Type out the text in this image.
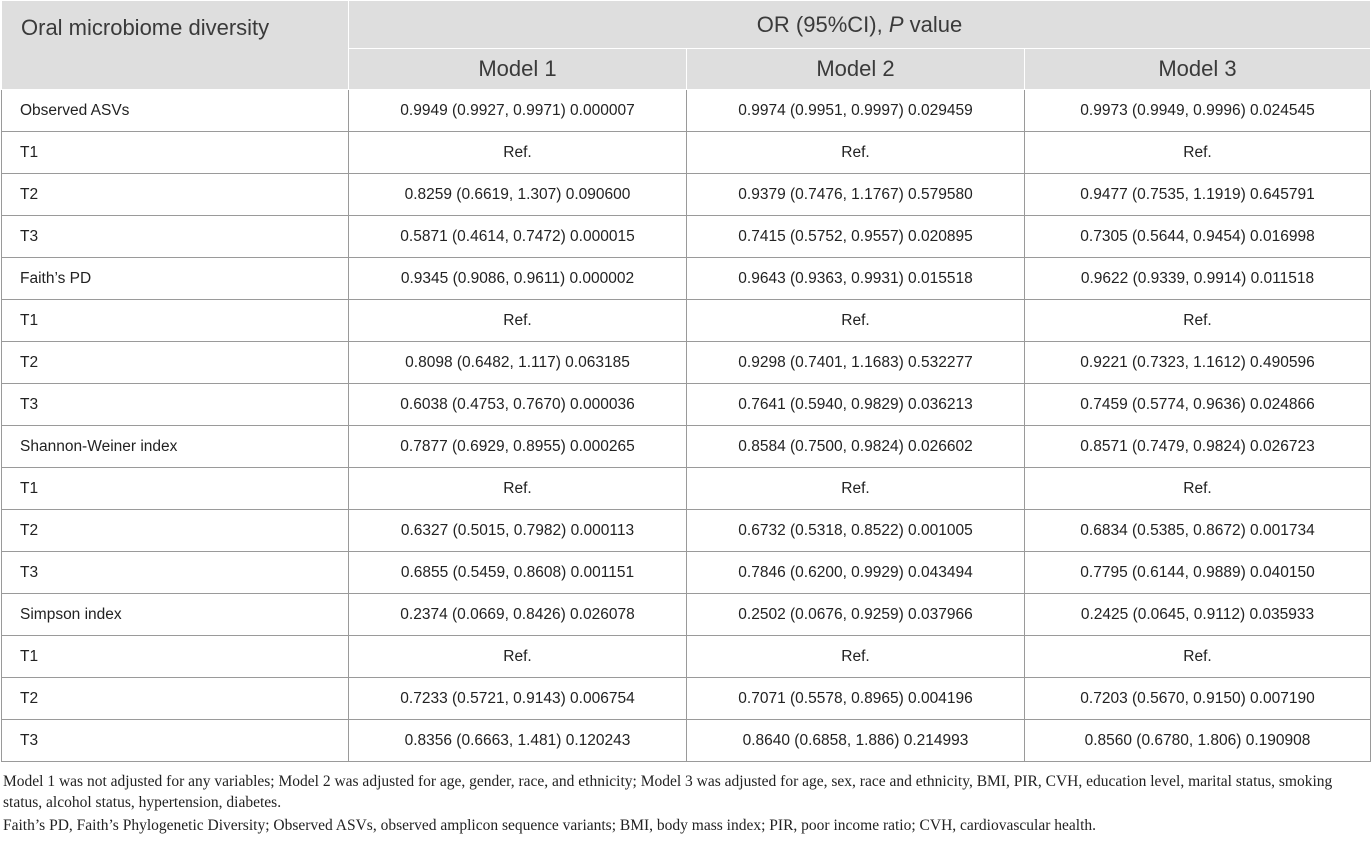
Oral microbiome diversity	OR (95%CI), P value		
	Model 1	Model 2	Model 3
Observed ASVs	0.9949 (0.9927, 0.9971) 0.000007	0.9974 (0.9951, 0.9997) 0.029459	0.9973 (0.9949, 0.9996) 0.024545
T1	Ref.	Ref.	Ref.
T2	0.8259 (0.6619, 1.307) 0.090600	0.9379 (0.7476, 1.1767) 0.579580	0.9477 (0.7535, 1.1919) 0.645791
T3	0.5871 (0.4614, 0.7472) 0.000015	0.7415 (0.5752, 0.9557) 0.020895	0.7305 (0.5644, 0.9454) 0.016998
Faith’s PD	0.9345 (0.9086, 0.9611) 0.000002	0.9643 (0.9363, 0.9931) 0.015518	0.9622 (0.9339, 0.9914) 0.011518
T1	Ref.	Ref.	Ref.
T2	0.8098 (0.6482, 1.117) 0.063185	0.9298 (0.7401, 1.1683) 0.532277	0.9221 (0.7323, 1.1612) 0.490596
T3	0.6038 (0.4753, 0.7670) 0.000036	0.7641 (0.5940, 0.9829) 0.036213	0.7459 (0.5774, 0.9636) 0.024866
Shannon-Weiner index	0.7877 (0.6929, 0.8955) 0.000265	0.8584 (0.7500, 0.9824) 0.026602	0.8571 (0.7479, 0.9824) 0.026723
T1	Ref.	Ref.	Ref.
T2	0.6327 (0.5015, 0.7982) 0.000113	0.6732 (0.5318, 0.8522) 0.001005	0.6834 (0.5385, 0.8672) 0.001734
T3	0.6855 (0.5459, 0.8608) 0.001151	0.7846 (0.6200, 0.9929) 0.043494	0.7795 (0.6144, 0.9889) 0.040150
Simpson index	0.2374 (0.0669, 0.8426) 0.026078	0.2502 (0.0676, 0.9259) 0.037966	0.2425 (0.0645, 0.9112) 0.035933
T1	Ref.	Ref.	Ref.
T2	0.7233 (0.5721, 0.9143) 0.006754	0.7071 (0.5578, 0.8965) 0.004196	0.7203 (0.5670, 0.9150) 0.007190
T3	0.8356 (0.6663, 1.481) 0.120243	0.8640 (0.6858, 1.886) 0.214993	0.8560 (0.6780, 1.806) 0.190908

Model 1 was not adjusted for any variables; Model 2 was adjusted for age, gender, race, and ethnicity; Model 3 was adjusted for age, sex, race and ethnicity, BMI, PIR, CVH, education level, marital status, smoking status, alcohol status, hypertension, diabetes.

Faith’s PD, Faith’s Phylogenetic Diversity; Observed ASVs, observed amplicon sequence variants; BMI, body mass index; PIR, poor income ratio; CVH, cardiovascular health.
